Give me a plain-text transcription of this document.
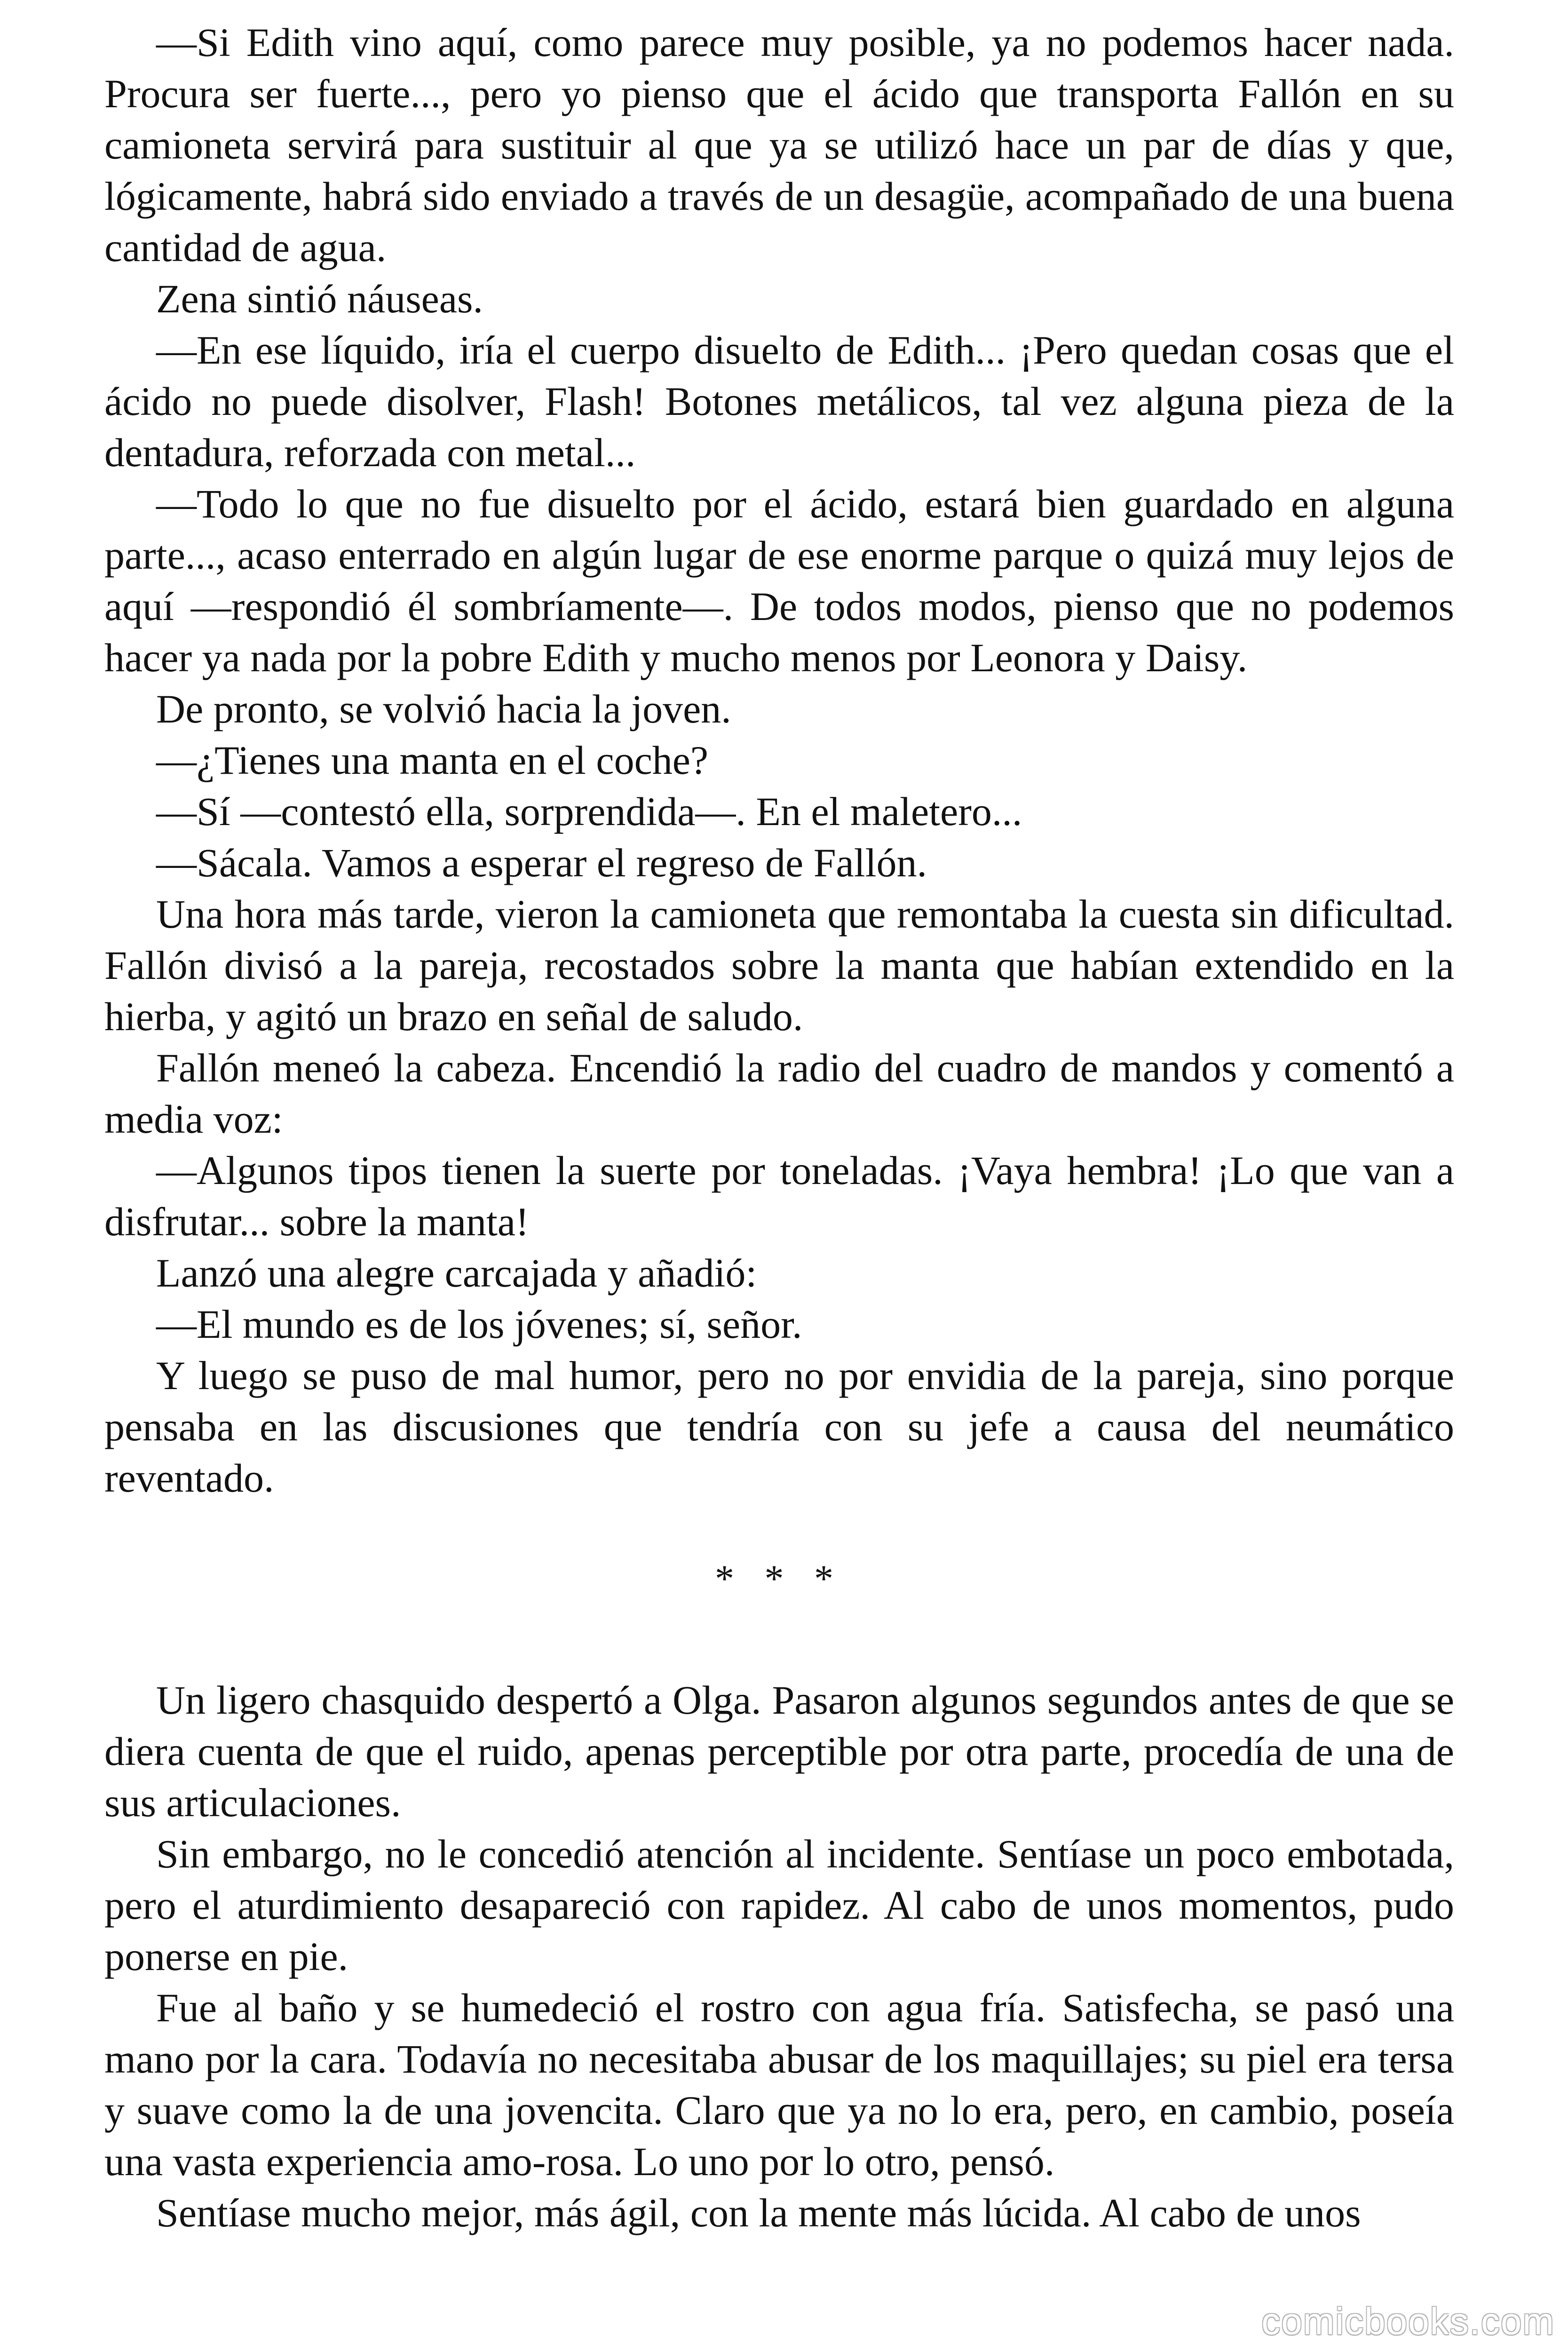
—Si Edith vino aquí, como parece muy posible, ya no podemos hacer nada. Procura ser fuerte..., pero yo pienso que el ácido que transporta Fallón en su camioneta servirá para sustituir al que ya se utilizó hace un par de días y que, lógicamente, habrá sido enviado a través de un desagüe, acompañado de una buena cantidad de agua.

Zena sintió náuseas.

—En ese líquido, iría el cuerpo disuelto de Edith... ¡Pero quedan cosas que el ácido no puede disolver, Flash! Botones metálicos, tal vez alguna pieza de la dentadura, reforzada con metal...

—Todo lo que no fue disuelto por el ácido, estará bien guardado en alguna parte..., acaso enterrado en algún lugar de ese enorme parque o quizá muy lejos de aquí —respondió él sombríamente—. De todos modos, pienso que no podemos hacer ya nada por la pobre Edith y mucho menos por Leonora y Daisy.

De pronto, se volvió hacia la joven.

—¿Tienes una manta en el coche?

—Sí —contestó ella, sorprendida—. En el maletero...

—Sácala. Vamos a esperar el regreso de Fallón.

Una hora más tarde, vieron la camioneta que remontaba la cuesta sin dificultad. Fallón divisó a la pareja, recostados sobre la manta que habían extendido en la hierba, y agitó un brazo en señal de saludo.

Fallón meneó la cabeza. Encendió la radio del cuadro de mandos y comentó a media voz:

—Algunos tipos tienen la suerte por toneladas. ¡Vaya hembra! ¡Lo que van a disfrutar... sobre la manta!

Lanzó una alegre carcajada y añadió:

—El mundo es de los jóvenes; sí, señor.

Y luego se puso de mal humor, pero no por envidia de la pareja, sino porque pensaba en las discusiones que tendría con su jefe a causa del neumático reventado.

* * *

Un ligero chasquido despertó a Olga. Pasaron algunos segundos antes de que se diera cuenta de que el ruido, apenas perceptible por otra parte, procedía de una de sus articulaciones.

Sin embargo, no le concedió atención al incidente. Sentíase un poco embotada, pero el aturdimiento desapareció con rapidez. Al cabo de unos momentos, pudo ponerse en pie.

Fue al baño y se humedeció el rostro con agua fría. Satisfecha, se pasó una mano por la cara. Todavía no necesitaba abusar de los maquillajes; su piel era tersa y suave como la de una jovencita. Claro que ya no lo era, pero, en cambio, poseía una vasta experiencia amo-rosa. Lo uno por lo otro, pensó.

Sentíase mucho mejor, más ágil, con la mente más lúcida. Al cabo de unos

comicbooks.com
